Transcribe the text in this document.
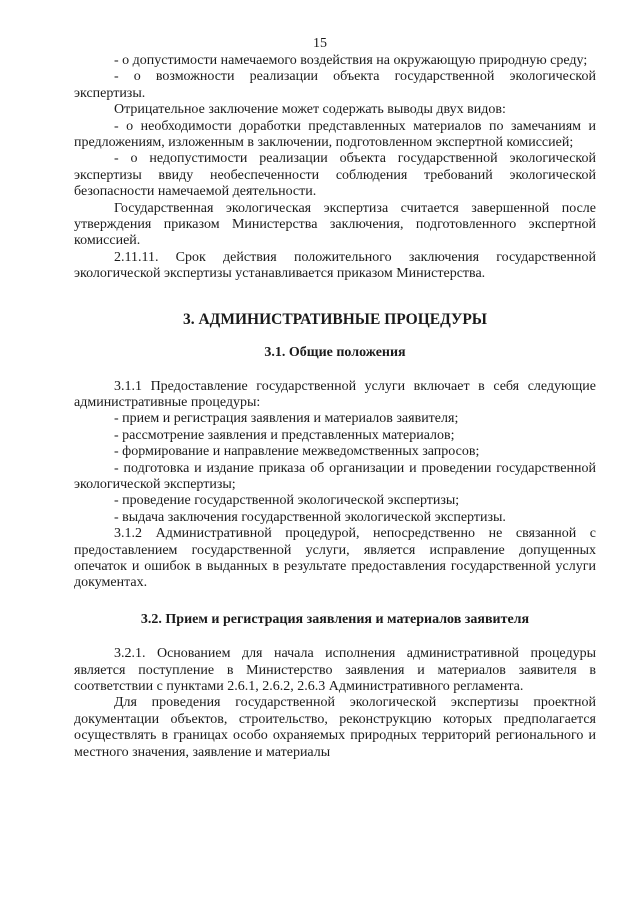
15

- о допустимости намечаемого воздействия на окружающую природную среду;

- о возможности реализации объекта государственной экологической экспертизы.

Отрицательное заключение может содержать выводы двух видов:

- о необходимости доработки представленных материалов по замечаниям и предложениям, изложенным в заключении, подготовленном экспертной комиссией;

- о недопустимости реализации объекта государственной экологической экспертизы ввиду необеспеченности соблюдения требований экологической безопасности намечаемой деятельности.

Государственная экологическая экспертиза считается завершенной после утверждения приказом Министерства заключения, подготовленного экспертной комиссией.

2.11.11. Срок действия положительного заключения государственной экологической экспертизы устанавливается приказом Министерства.

3. АДМИНИСТРАТИВНЫЕ ПРОЦЕДУРЫ

3.1. Общие положения

3.1.1 Предоставление государственной услуги включает в себя следующие административные процедуры:

- прием и регистрация заявления и материалов заявителя;

- рассмотрение заявления и представленных материалов;

- формирование и направление межведомственных запросов;

- подготовка и издание приказа об организации и проведении государственной экологической экспертизы;

- проведение государственной экологической экспертизы;

- выдача заключения государственной экологической экспертизы.

3.1.2 Административной процедурой, непосредственно не связанной с предоставлением государственной услуги, является исправление допущенных опечаток и ошибок в выданных в результате предоставления государственной услуги документах.

3.2. Прием и регистрация заявления и материалов заявителя

3.2.1. Основанием для начала исполнения административной процедуры является поступление в Министерство заявления и материалов заявителя в соответствии с пунктами 2.6.1, 2.6.2, 2.6.3 Административного регламента.

Для проведения государственной экологической экспертизы проектной документации объектов, строительство, реконструкцию которых предполагается осуществлять в границах особо охраняемых природных территорий регионального и местного значения, заявление и материалы
